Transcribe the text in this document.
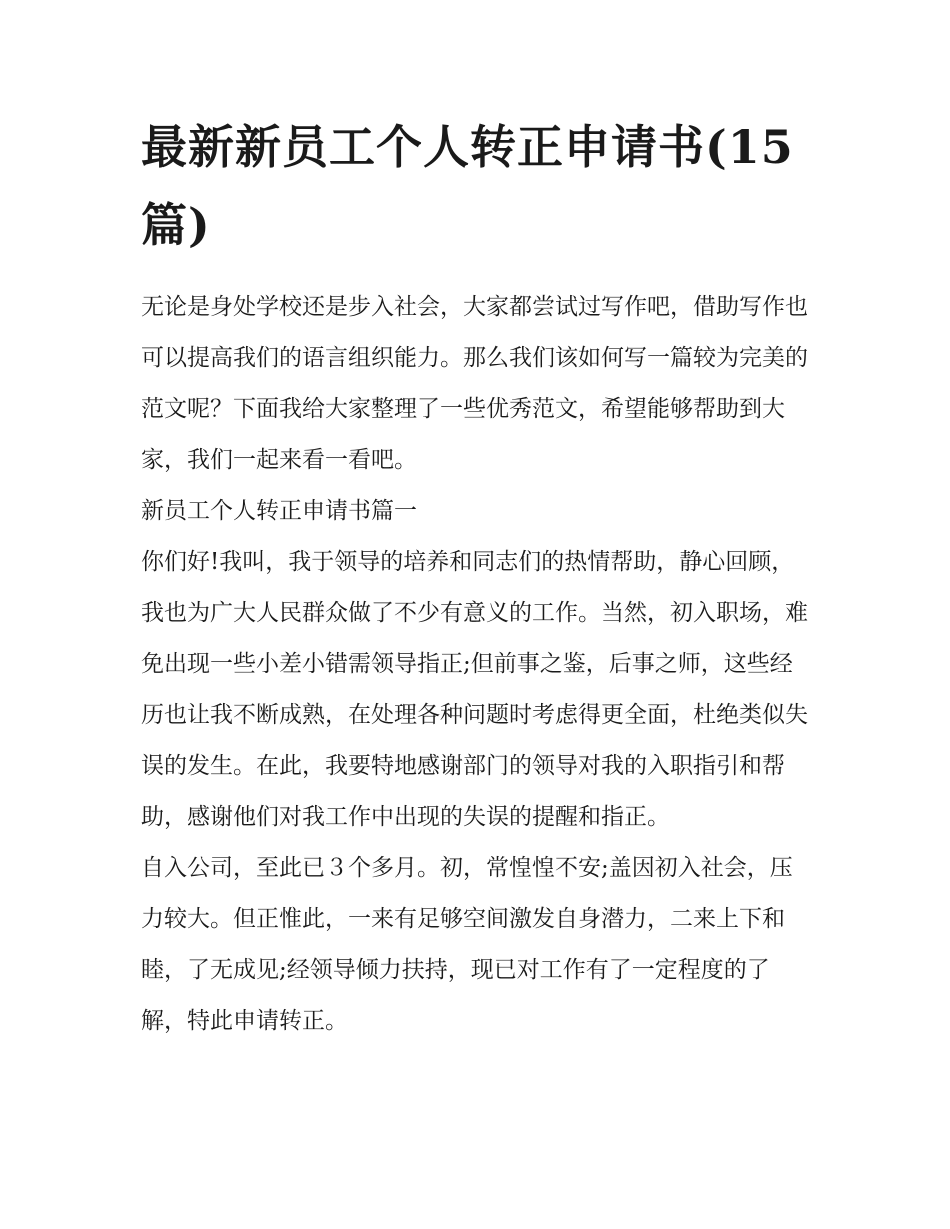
最新新员工个人转正申请书(15篇)

无论是身处学校还是步入社会，大家都尝试过写作吧，借助写作也可以提高我们的语言组织能力。那么我们该如何写一篇较为完美的范文呢？下面我给大家整理了一些优秀范文，希望能够帮助到大家，我们一起来看一看吧。

新员工个人转正申请书篇一

你们好!我叫，我于领导的培养和同志们的热情帮助，静心回顾，我也为广大人民群众做了不少有意义的工作。当然，初入职场，难免出现一些小差小错需领导指正;但前事之鉴，后事之师，这些经历也让我不断成熟，在处理各种问题时考虑得更全面，杜绝类似失误的发生。在此，我要特地感谢部门的领导对我的入职指引和帮助，感谢他们对我工作中出现的失误的提醒和指正。

自入公司，至此已３个多月。初，常惶惶不安;盖因初入社会，压力较大。但正惟此，一来有足够空间激发自身潜力，二来上下和睦，了无成见;经领导倾力扶持，现已对工作有了一定程度的了解，特此申请转正。
